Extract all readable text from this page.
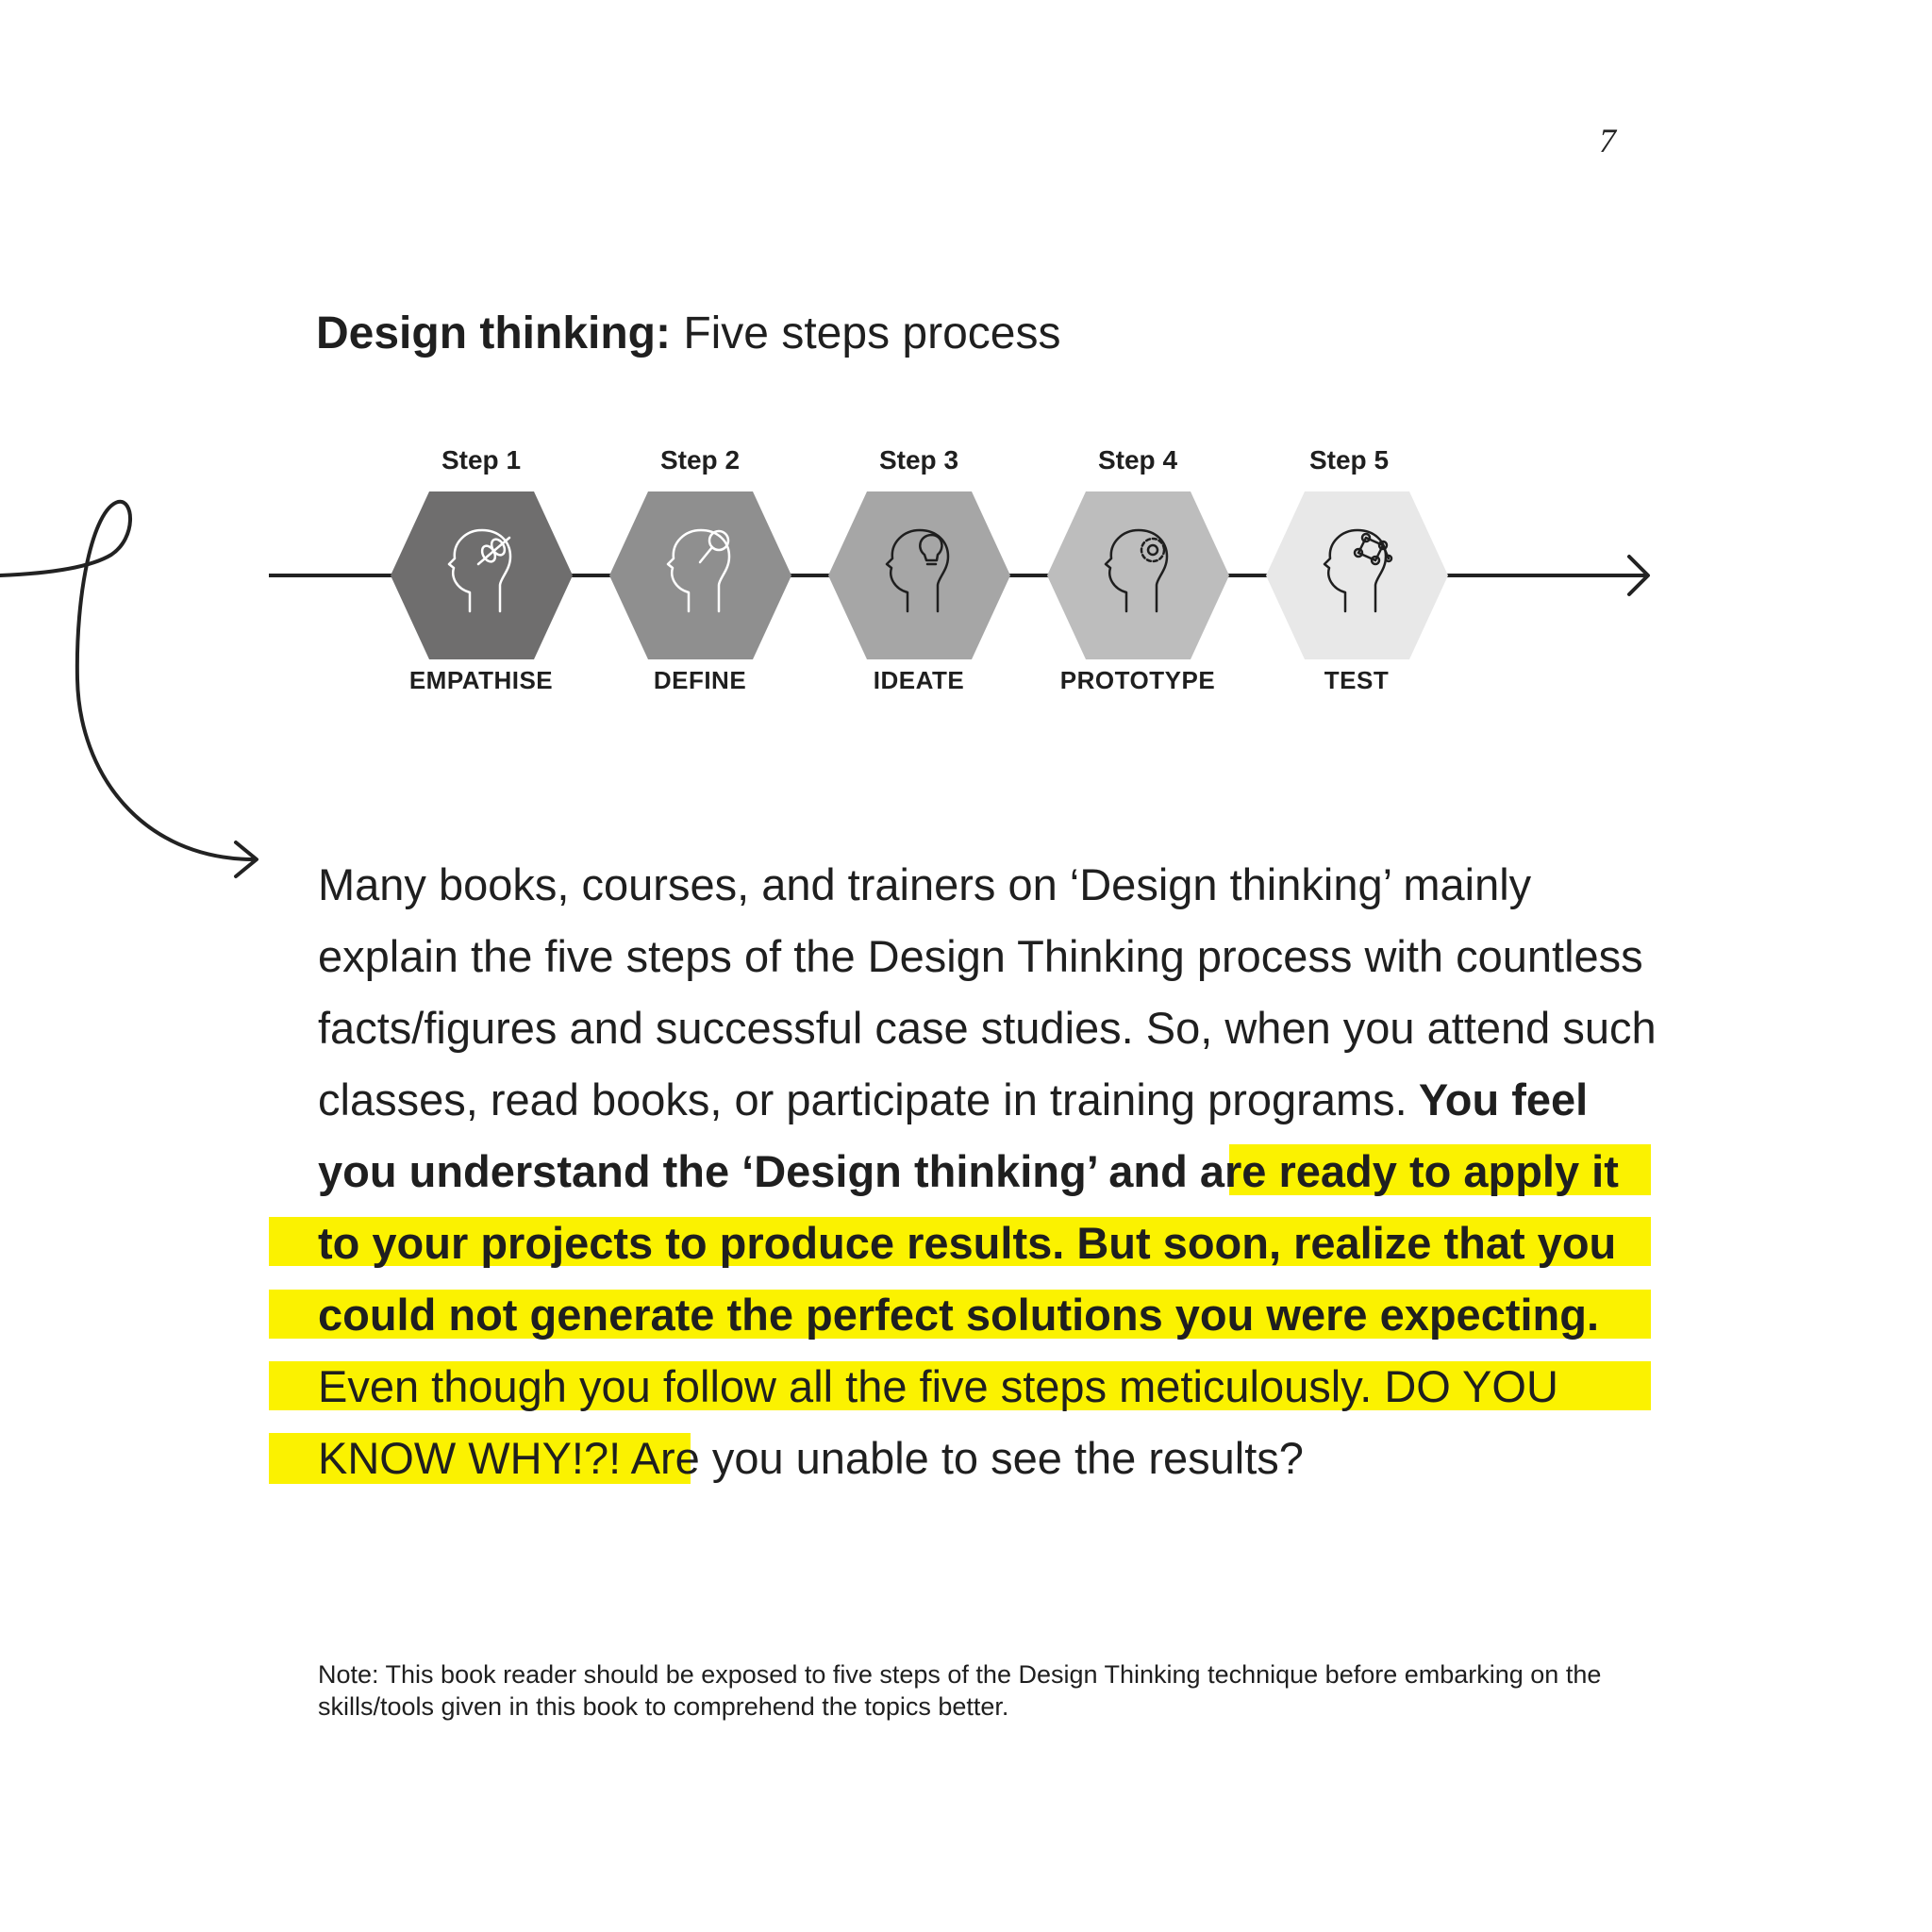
7
Design thinking: Five steps process
Step 1	Step 2	Step 3	Step 4	Step 5
EMPATHISE	DEFINE	IDEATE	PROTOTYPE	TEST

Many books, courses, and trainers on ‘Design thinking’ mainly explain the five steps of the Design Thinking process with countless facts/figures and successful case studies. So, when you attend such classes, read books, or participate in training programs. You feel you understand the ‘Design thinking’ and are ready to apply it to your projects to produce results. But soon, realize that you could not generate the perfect solutions you were expecting. Even though you follow all the five steps meticulously. DO YOU KNOW WHY!?! Are you unable to see the results?

Note: This book reader should be exposed to five steps of the Design Thinking technique before embarking on the skills/tools given in this book to comprehend the topics better.
